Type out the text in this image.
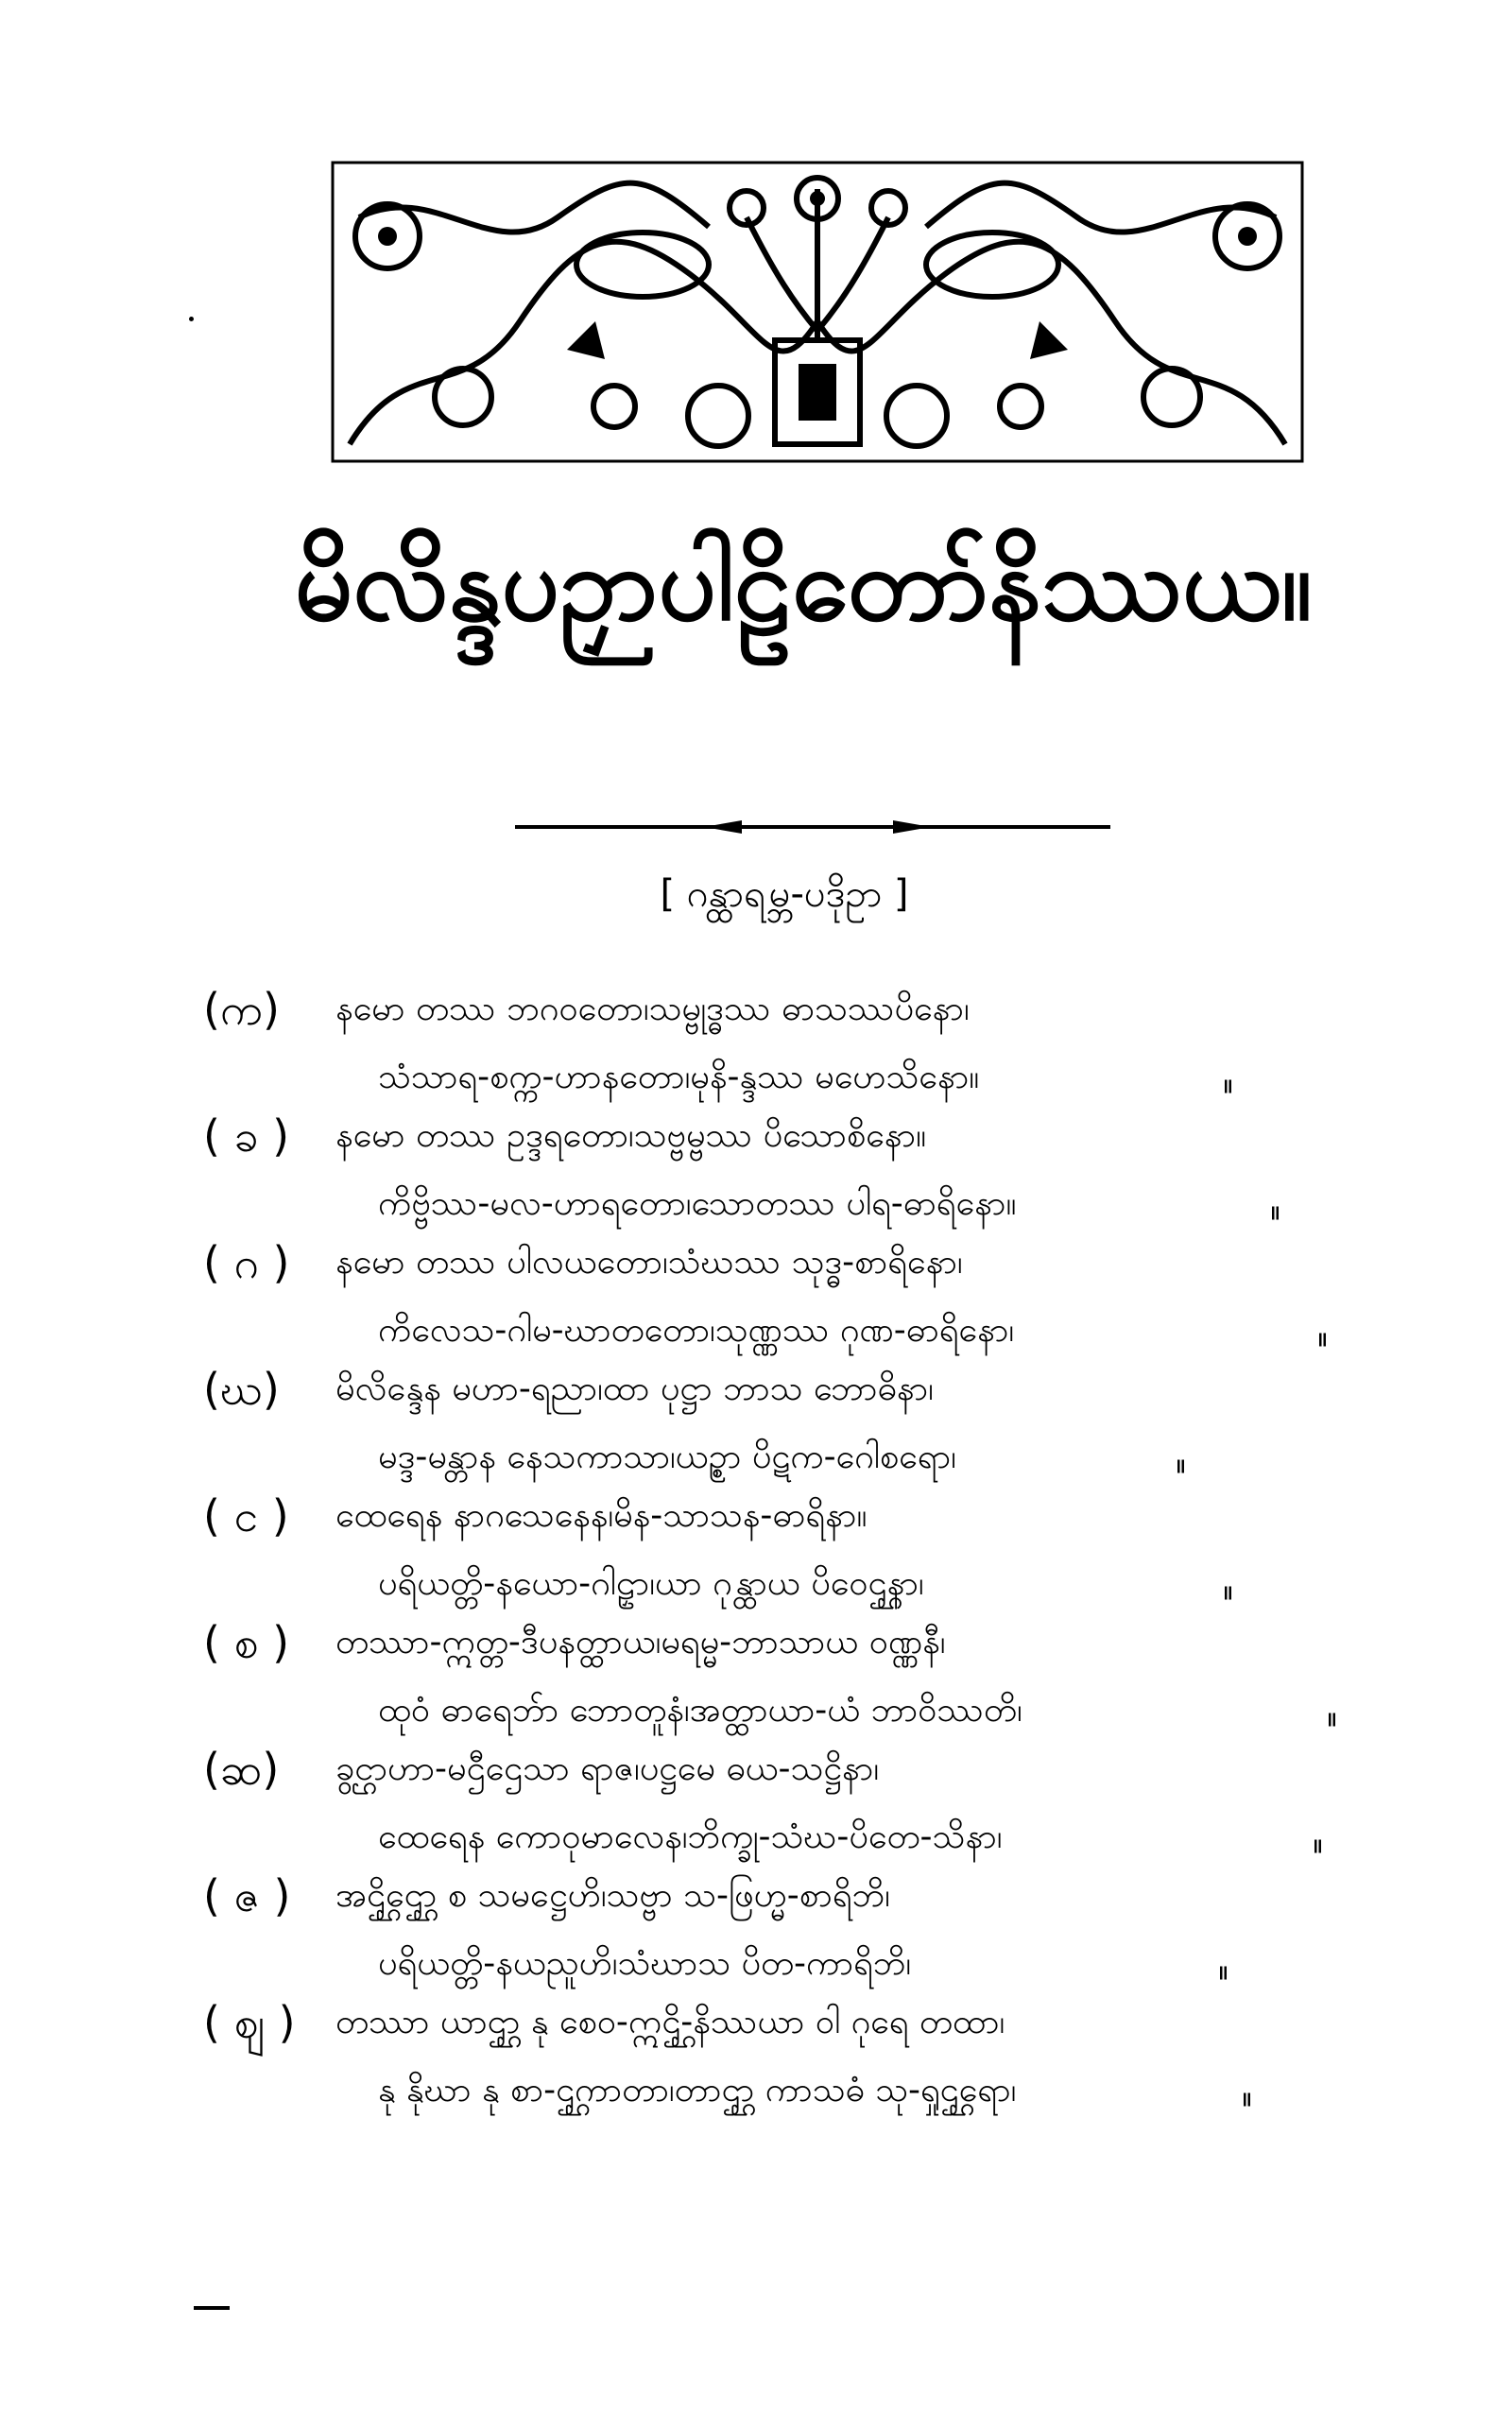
မိလိန္ဒပဉှာပါဠိတော်နိဿယ။
[ ဂန္ထာရမ္ဘ-ပဒိုဥာ ]
(က) နမော တဿ ဘဂဝတော၊သမ္ဗုဒ္ဓဿ ဓာသဿပိနော၊
သံသာရ-စက္က-ဟာနတော၊မုနိ-န္ဒဿ မဟေသိနော။	။
( ခ ) နမော တဿ ဥဒ္ဒရတော၊သဗ္ဗမ္ဗဿ ပိသောစိနော။
ကိဗ္ဗိဿ-မလ-ဟာရတော၊သောတဿ ပါရ-ဓာရိနော။	။
( ဂ ) နမော တဿ ပါလယတော၊သံဃဿ သုဒ္ဓ-စာရိနော၊
ကိလေသ-ဂါမ-ဃာတတော၊သုဏ္ဏဿ ဂုဏ-ဓာရိနော၊	။
(ဃ) မိလိန္ဒေန မဟာ-ရညာ၊ထာ ပုဋ္ဌာ ဘာသ ဘောဓိနာ၊
မဒ္ဒ-မန္တာန နေသကာသာ၊ယဥ္စာ ပိဋက-ဂေါစရော၊	။
( င ) ထေရေန နာဂသေနေန၊မိန-သာသန-ဓာရိနာ။
ပရိယတ္တိ-နယော-ဂါဠှာ၊ယာ ဂုန္ထာယ ပိဝေဌ္ဌနာ၊	။
( စ ) တဿာ-ဣတ္တ-ဒီပနတ္ထာယ၊မရမ္မ-ဘာသာယ ဝဏ္ဏနီ၊
ထုဝံ ဓာရေဘ်ာ ဘောတူနံ၊အတ္ထာယာ-ယံ ဘာဝိဿတိ၊	။
(ဆ) ခွင္ဌာဟာ-မဌီဌေသာ ရာဇ၊ပဋ္ဌမေ ဓယ-သဋ္ဌိနာ၊
ထေရေန ကောဝုမာလေန၊ဘိက္ခု-သံဃ-ပိတေ-သိနာ၊	။
( ဇ ) အဌ္ဌိဌ္ဌော စ သမဋ္ဌေဟိ၊သဗ္ဗာ သ-ဖြဟ္မ-စာရိဘိ၊
ပရိယတ္တိ-နယညူဟိ၊သံဃာသ ပိတ-ကာရိဘိ၊	။
( ဈ ) တဿာ ယာဌ္ဌာ နု စေဝ-ဣဌ္ဌိ-နိဿယာ ဝါ ဂုရေ တထာ၊
နု နိုဃာ နု စာ-ဌ္ဌကာတာ၊တာဌ္ဌာ ကာသဓံ သု-ရှုဌ္ဌရော၊	။
